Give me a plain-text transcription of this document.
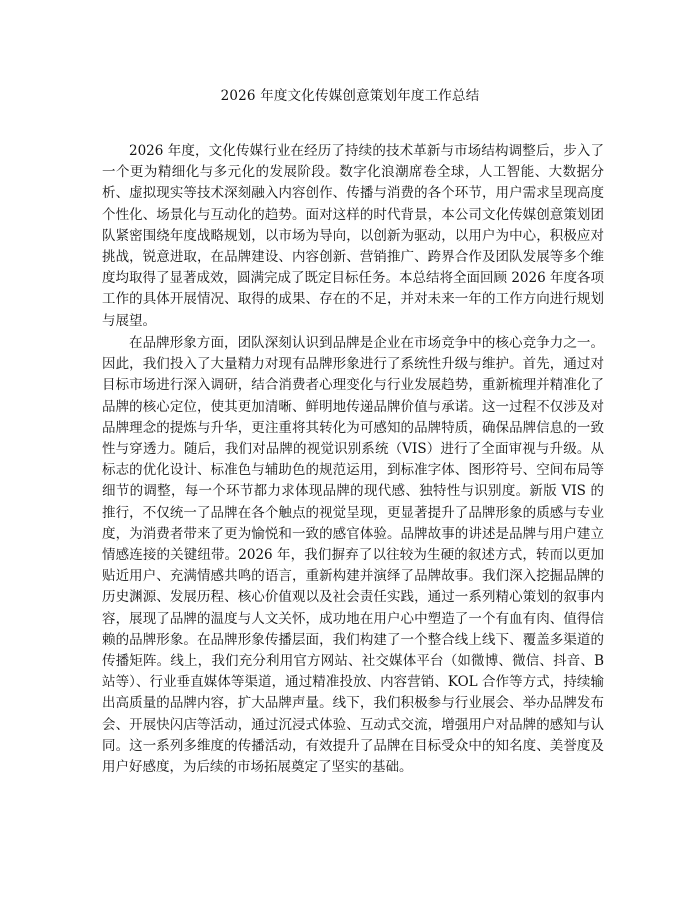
2026 年度文化传媒创意策划年度工作总结

2026 年度，文化传媒行业在经历了持续的技术革新与市场结构调整后，步入了一个更为精细化与多元化的发展阶段。数字化浪潮席卷全球，人工智能、大数据分析、虚拟现实等技术深刻融入内容创作、传播与消费的各个环节，用户需求呈现高度个性化、场景化与互动化的趋势。面对这样的时代背景，本公司文化传媒创意策划团队紧密围绕年度战略规划，以市场为导向，以创新为驱动，以用户为中心，积极应对挑战，锐意进取，在品牌建设、内容创新、营销推广、跨界合作及团队发展等多个维度均取得了显著成效，圆满完成了既定目标任务。本总结将全面回顾 2026 年度各项工作的具体开展情况、取得的成果、存在的不足，并对未来一年的工作方向进行规划与展望。

在品牌形象方面，团队深刻认识到品牌是企业在市场竞争中的核心竞争力之一。因此，我们投入了大量精力对现有品牌形象进行了系统性升级与维护。首先，通过对目标市场进行深入调研，结合消费者心理变化与行业发展趋势，重新梳理并精准化了品牌的核心定位，使其更加清晰、鲜明地传递品牌价值与承诺。这一过程不仅涉及对品牌理念的提炼与升华，更注重将其转化为可感知的品牌特质，确保品牌信息的一致性与穿透力。随后，我们对品牌的视觉识别系统（VIS）进行了全面审视与升级。从标志的优化设计、标准色与辅助色的规范运用，到标准字体、图形符号、空间布局等细节的调整，每一个环节都力求体现品牌的现代感、独特性与识别度。新版 VIS 的推行，不仅统一了品牌在各个触点的视觉呈现，更显著提升了品牌形象的质感与专业度，为消费者带来了更为愉悦和一致的感官体验。品牌故事的讲述是品牌与用户建立情感连接的关键纽带。2026 年，我们摒弃了以往较为生硬的叙述方式，转而以更加贴近用户、充满情感共鸣的语言，重新构建并演绎了品牌故事。我们深入挖掘品牌的历史渊源、发展历程、核心价值观以及社会责任实践，通过一系列精心策划的叙事内容，展现了品牌的温度与人文关怀，成功地在用户心中塑造了一个有血有肉、值得信赖的品牌形象。在品牌形象传播层面，我们构建了一个整合线上线下、覆盖多渠道的传播矩阵。线上，我们充分利用官方网站、社交媒体平台（如微博、微信、抖音、B 站等）、行业垂直媒体等渠道，通过精准投放、内容营销、KOL 合作等方式，持续输出高质量的品牌内容，扩大品牌声量。线下，我们积极参与行业展会、举办品牌发布会、开展快闪店等活动，通过沉浸式体验、互动式交流，增强用户对品牌的感知与认同。这一系列多维度的传播活动，有效提升了品牌在目标受众中的知名度、美誉度及用户好感度，为后续的市场拓展奠定了坚实的基础。
